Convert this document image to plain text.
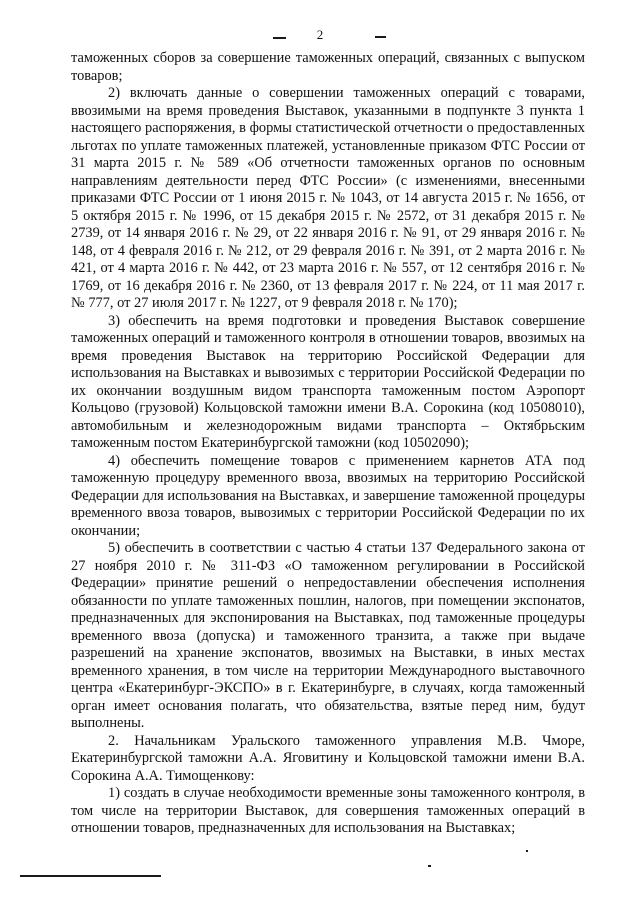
2

таможенных сборов за совершение таможенных операций, связанных с выпуском товаров;

2) включать данные о совершении таможенных операций с товарами, ввозимыми на время проведения Выставок, указанными в подпункте 3 пункта 1 настоящего распоряжения, в формы статистической отчетности о предоставленных льготах по уплате таможенных платежей, установленные приказом ФТС России от 31 марта 2015 г. № 589 «Об отчетности таможенных органов по основным направлениям деятельности перед ФТС России» (с изменениями, внесенными приказами ФТС России от 1 июня 2015 г. № 1043, от 14 августа 2015 г. № 1656, от 5 октября 2015 г. № 1996, от 15 декабря 2015 г. № 2572, от 31 декабря 2015 г. № 2739, от 14 января 2016 г. № 29, от 22 января 2016 г. № 91, от 29 января 2016 г. № 148, от 4 февраля 2016 г. № 212, от 29 февраля 2016 г. № 391, от 2 марта 2016 г. № 421, от 4 марта 2016 г. № 442, от 23 марта 2016 г. № 557, от 12 сентября 2016 г. № 1769, от 16 декабря 2016 г. № 2360, от 13 февраля 2017 г. № 224, от 11 мая 2017 г. № 777, от 27 июля 2017 г. № 1227, от 9 февраля 2018 г. № 170);

3) обеспечить на время подготовки и проведения Выставок совершение таможенных операций и таможенного контроля в отношении товаров, ввозимых на время проведения Выставок на территорию Российской Федерации для использования на Выставках и вывозимых с территории Российской Федерации по их окончании воздушным видом транспорта таможенным постом Аэропорт Кольцово (грузовой) Кольцовской таможни имени В.А. Сорокина (код 10508010), автомобильным и железнодорожным видами транспорта – Октябрьским таможенным постом Екатеринбургской таможни (код 10502090);

4) обеспечить помещение товаров с применением карнетов АТА под таможенную процедуру временного ввоза, ввозимых на территорию Российской Федерации для использования на Выставках, и завершение таможенной процедуры временного ввоза товаров, вывозимых с территории Российской Федерации по их окончании;

5) обеспечить в соответствии с частью 4 статьи 137 Федерального закона от 27 ноября 2010 г. № 311-ФЗ «О таможенном регулировании в Российской Федерации» принятие решений о непредоставлении обеспечения исполнения обязанности по уплате таможенных пошлин, налогов, при помещении экспонатов, предназначенных для экспонирования на Выставках, под таможенные процедуры временного ввоза (допуска) и таможенного транзита, а также при выдаче разрешений на хранение экспонатов, ввозимых на Выставки, в иных местах временного хранения, в том числе на территории Международного выставочного центра «Екатеринбург-ЭКСПО» в г. Екатеринбурге, в случаях, когда таможенный орган имеет основания полагать, что обязательства, взятые перед ним, будут выполнены.

2. Начальникам Уральского таможенного управления М.В. Чморе, Екатеринбургской таможни А.А. Яговитину и Кольцовской таможни имени В.А. Сорокина А.А. Тимощенкову:

1) создать в случае необходимости временные зоны таможенного контроля, в том числе на территории Выставок, для совершения таможенных операций в отношении товаров, предназначенных для использования на Выставках;
